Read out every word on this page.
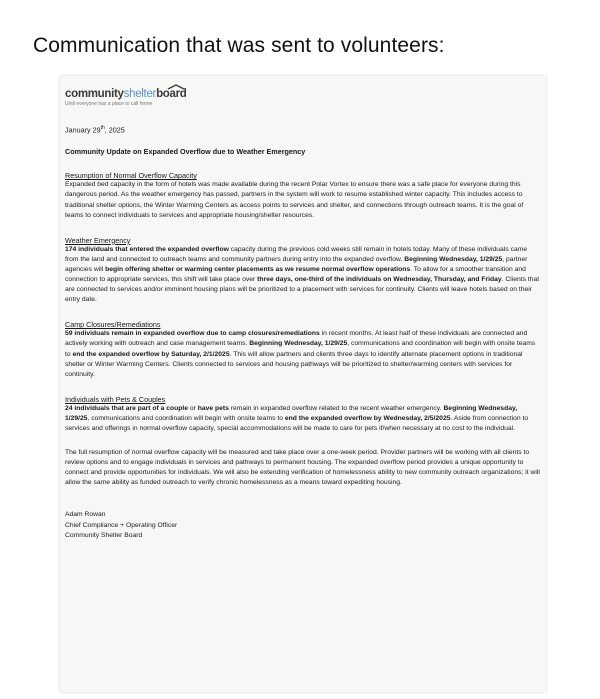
Communication that was sent to volunteers:
communityshelterboard
Until everyone has a place to call home
January 29th, 2025
Community Update on Expanded Overflow due to Weather Emergency
Resumption of Normal Overflow Capacity

Expanded bed capacity in the form of hotels was made available during the recent Polar Vortex to ensure there was a safe place for everyone during this dangerous period. As the weather emergency has passed, partners in the system will work to resume established winter capacity. This includes access to traditional shelter options, the Winter Warming Centers as access points to services and shelter, and connections through outreach teams. It is the goal of teams to connect individuals to services and appropriate housing/shelter resources.

Weather Emergency

174 individuals that entered the expanded overflow capacity during the previous cold weeks still remain in hotels today. Many of these individuals came from the land and connected to outreach teams and community partners during entry into the expanded overflow. Beginning Wednesday, 1/29/25, partner agencies will begin offering shelter or warming center placements as we resume normal overflow operations. To allow for a smoother transition and connection to appropriate services, this shift will take place over three days, one-third of the individuals on Wednesday, Thursday, and Friday. Clients that are connected to services and/or imminent housing plans will be prioritized to a placement with services for continuity. Clients will leave hotels based on their entry date.

Camp Closures/Remediations

59 individuals remain in expanded overflow due to camp closures/remediations in recent months. At least half of these individuals are connected and actively working with outreach and case management teams. Beginning Wednesday, 1/29/25, communications and coordination will begin with onsite teams to end the expanded overflow by Saturday, 2/1/2025. This will allow partners and clients three days to identify alternate placement options in traditional shelter or Winter Warming Centers. Clients connected to services and housing pathways will be prioritized to shelter/warming centers with services for continuity.

Individuals with Pets & Couples

24 individuals that are part of a couple or have pets remain in expanded overflow related to the recent weather emergency. Beginning Wednesday, 1/29/25, communications and coordination will begin with onsite teams to end the expanded overflow by Wednesday, 2/5/2025. Aside from connection to services and offerings in normal overflow capacity, special accommodations will be made to care for pets if/when necessary at no cost to the individual.

The full resumption of normal overflow capacity will be measured and take place over a one-week period. Provider partners will be working with all clients to review options and to engage individuals in services and pathways to permanent housing. The expanded overflow period provides a unique opportunity to connect and provide opportunities for individuals. We will also be extending verification of homelessness ability to new community outreach organizations; it will allow the same ability as funded outreach to verify chronic homelessness as a means toward expediting housing.

Adam Rowan
Chief Compliance + Operating Officer
Community Shelter Board
